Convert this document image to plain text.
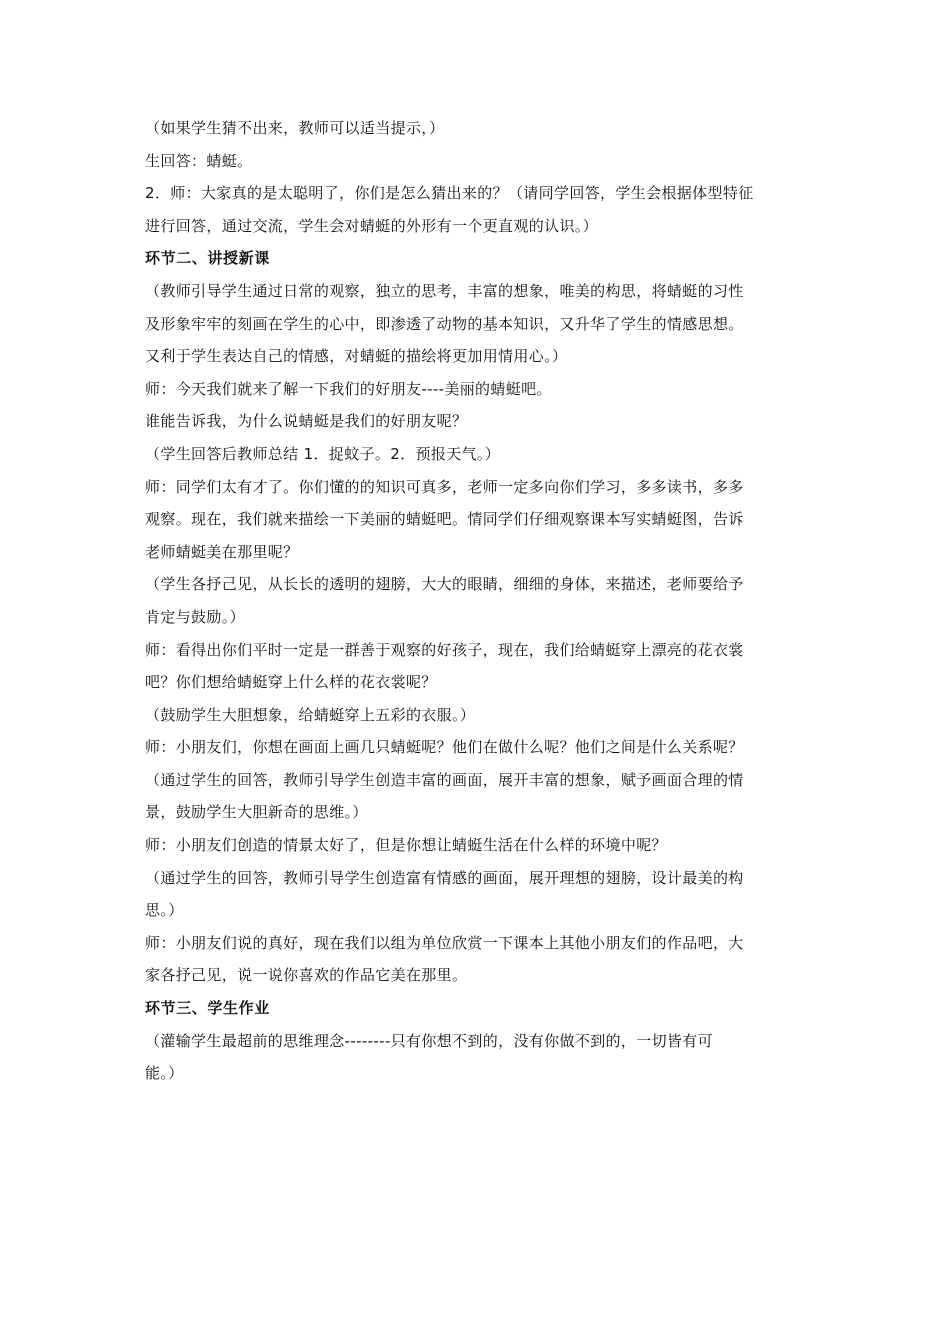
（如果学生猜不出来，教师可以适当提示，）
生回答：蜻蜓。
2．师：大家真的是太聪明了，你们是怎么猜出来的？（请同学回答，学生会根据体型特征
进行回答，通过交流，学生会对蜻蜓的外形有一个更直观的认识。）
环节二、讲授新课
（教师引导学生通过日常的观察，独立的思考，丰富的想象，唯美的构思，将蜻蜓的习性
及形象牢牢的刻画在学生的心中，即渗透了动物的基本知识，又升华了学生的情感思想。
又利于学生表达自己的情感，对蜻蜓的描绘将更加用情用心。）
师：今天我们就来了解一下我们的好朋友----美丽的蜻蜓吧。
谁能告诉我，为什么说蜻蜓是我们的好朋友呢？
（学生回答后教师总结 1．捉蚊子。2．预报天气。）
师：同学们太有才了。你们懂的的知识可真多，老师一定多向你们学习，多多读书，多多
观察。现在，我们就来描绘一下美丽的蜻蜓吧。情同学们仔细观察课本写实蜻蜓图，告诉
老师蜻蜓美在那里呢？
（学生各抒己见，从长长的透明的翅膀，大大的眼睛，细细的身体，来描述，老师要给予
肯定与鼓励。）
师：看得出你们平时一定是一群善于观察的好孩子，现在，我们给蜻蜓穿上漂亮的花衣裳
吧？你们想给蜻蜓穿上什么样的花衣裳呢？
（鼓励学生大胆想象，给蜻蜓穿上五彩的衣服。）
师：小朋友们，你想在画面上画几只蜻蜓呢？他们在做什么呢？他们之间是什么关系呢？
（通过学生的回答，教师引导学生创造丰富的画面，展开丰富的想象，赋予画面合理的情
景，鼓励学生大胆新奇的思维。）
师：小朋友们创造的情景太好了，但是你想让蜻蜓生活在什么样的环境中呢？
（通过学生的回答，教师引导学生创造富有情感的画面，展开理想的翅膀，设计最美的构
思。）
师：小朋友们说的真好，现在我们以组为单位欣赏一下课本上其他小朋友们的作品吧，大
家各抒己见，说一说你喜欢的作品它美在那里。
环节三、学生作业
（灌输学生最超前的思维理念--------只有你想不到的，没有你做不到的，一切皆有可
能。）
